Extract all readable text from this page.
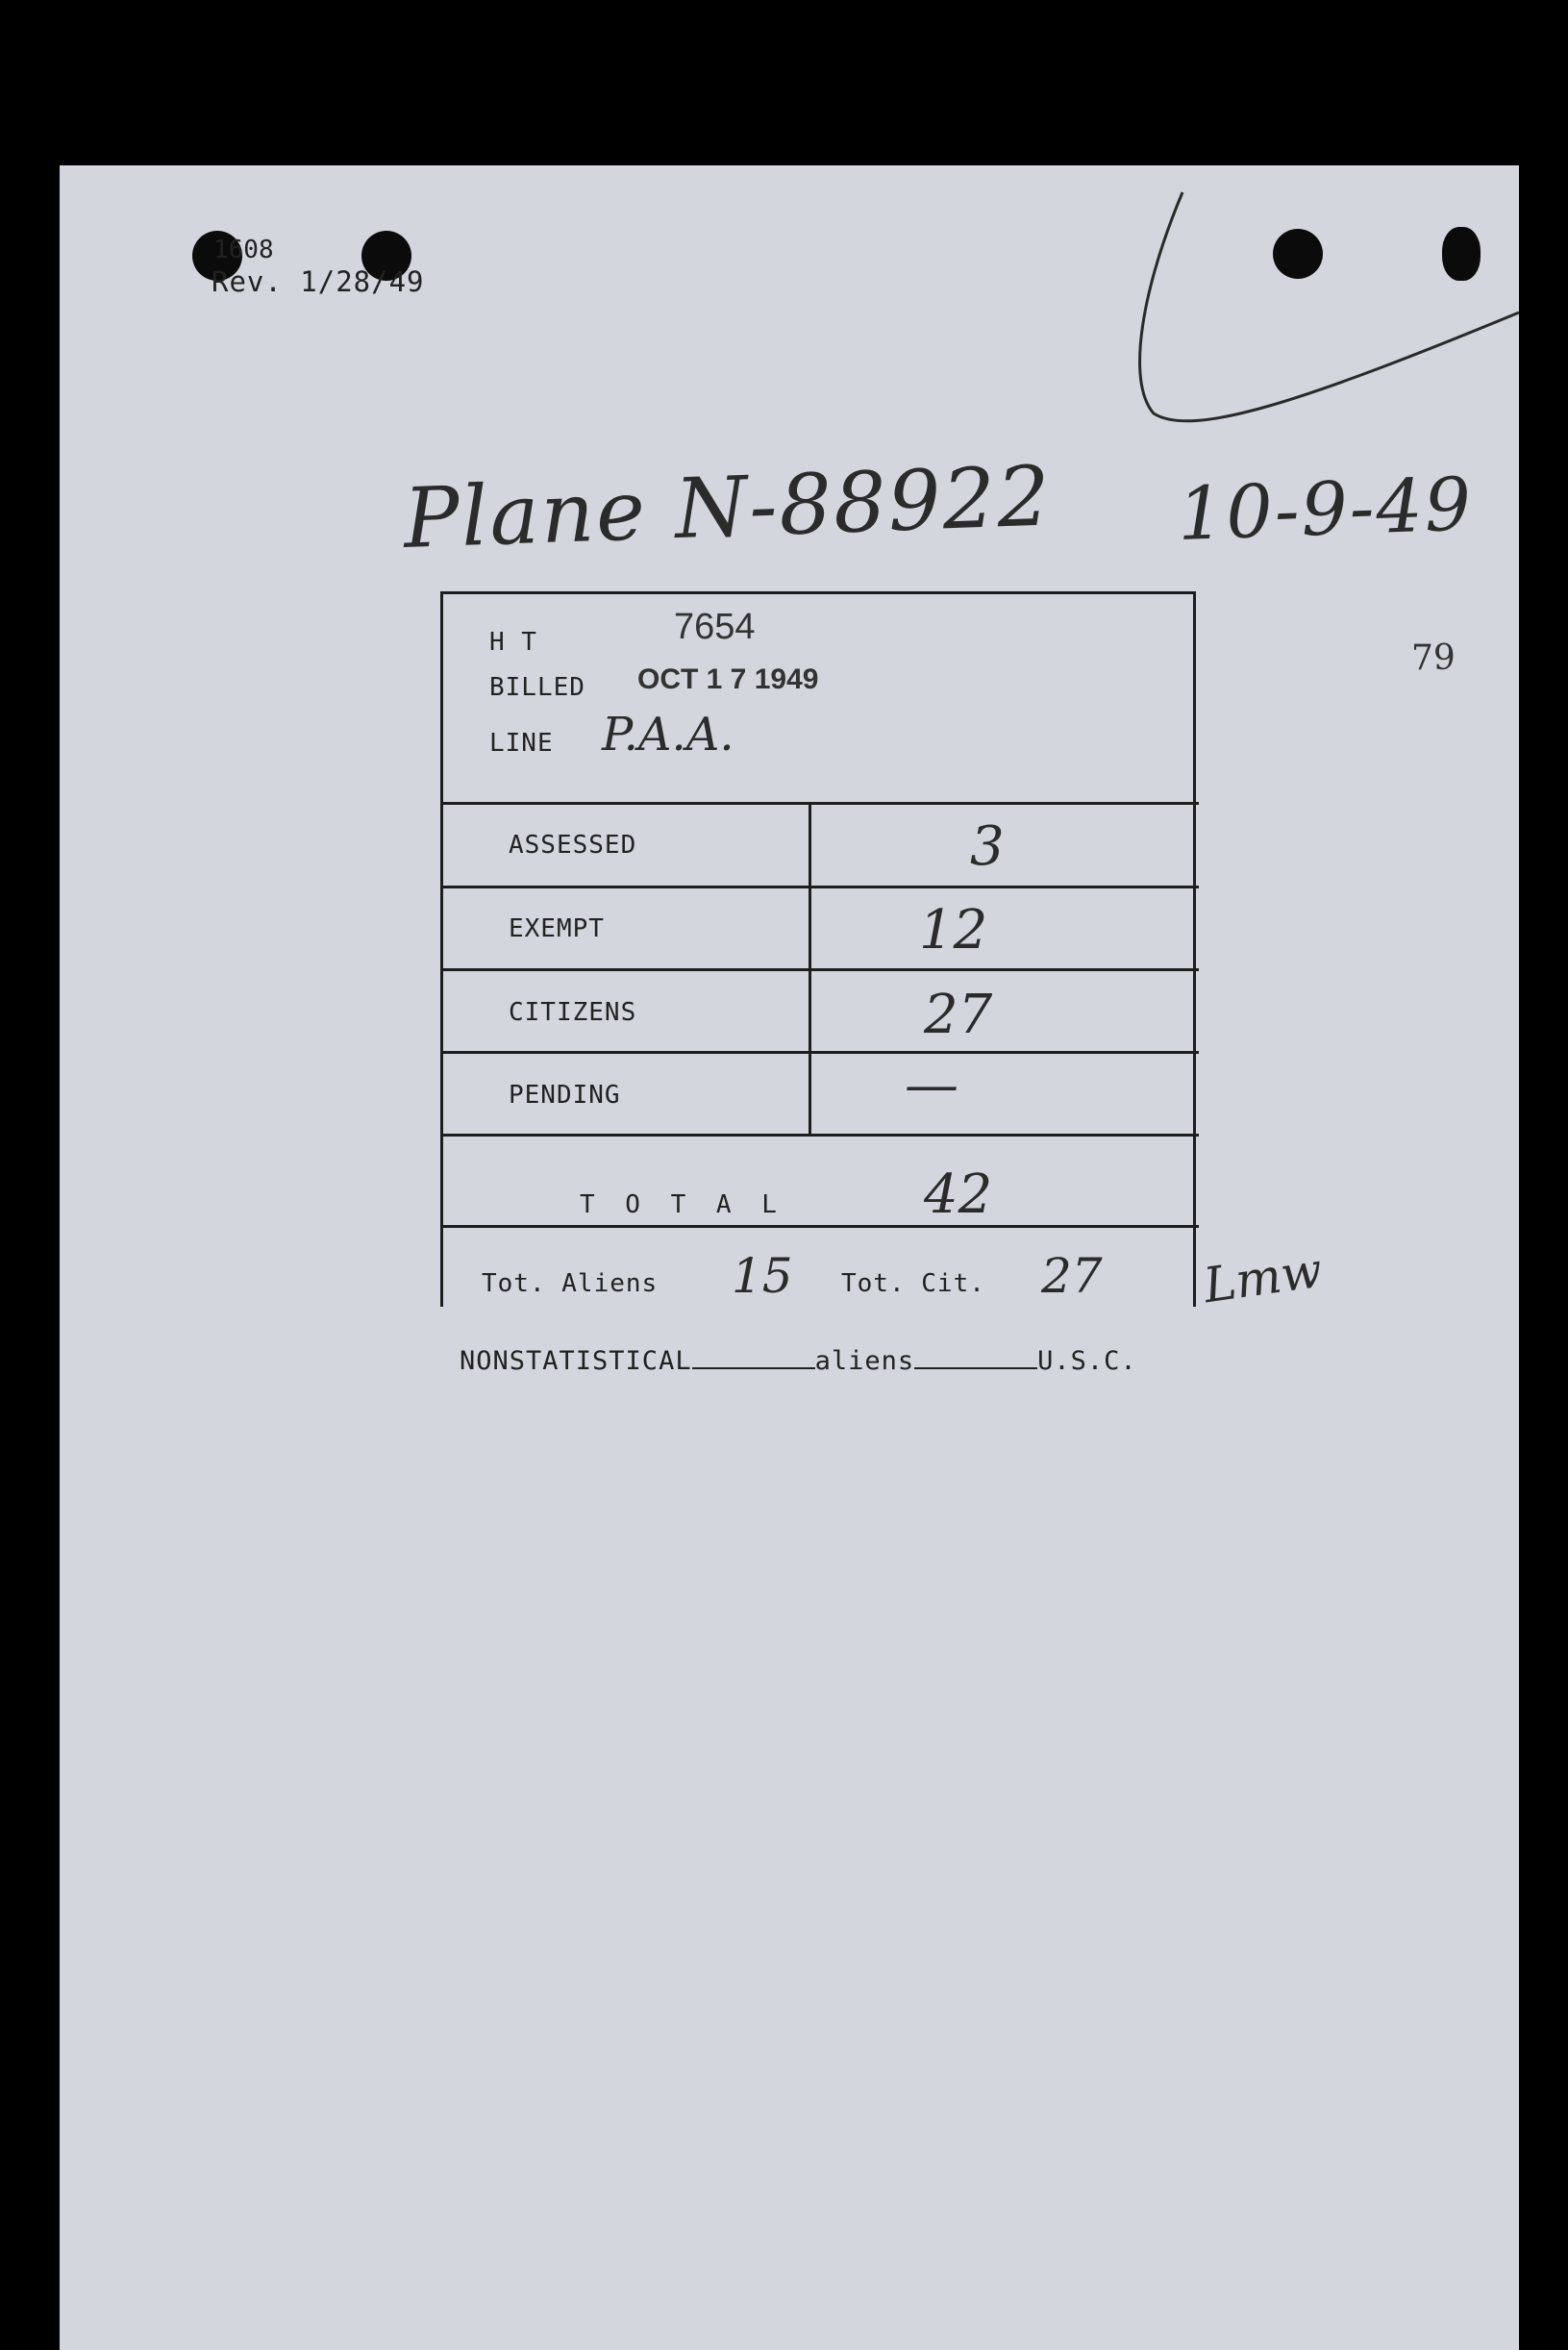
1608
Rev. 1/28/49
Plane N-88922 10-9-49
79
H T	7654
BILLED OCT 1 7 1949
LINE P.A.A.
ASSESSED	3
EXEMPT	12
CITIZENS	27
PENDING	—
T O T A L	42
Tot. Aliens 15 Tot. Cit. 27 Lmw
NONSTATISTICAL	aliens	U.S.C.
